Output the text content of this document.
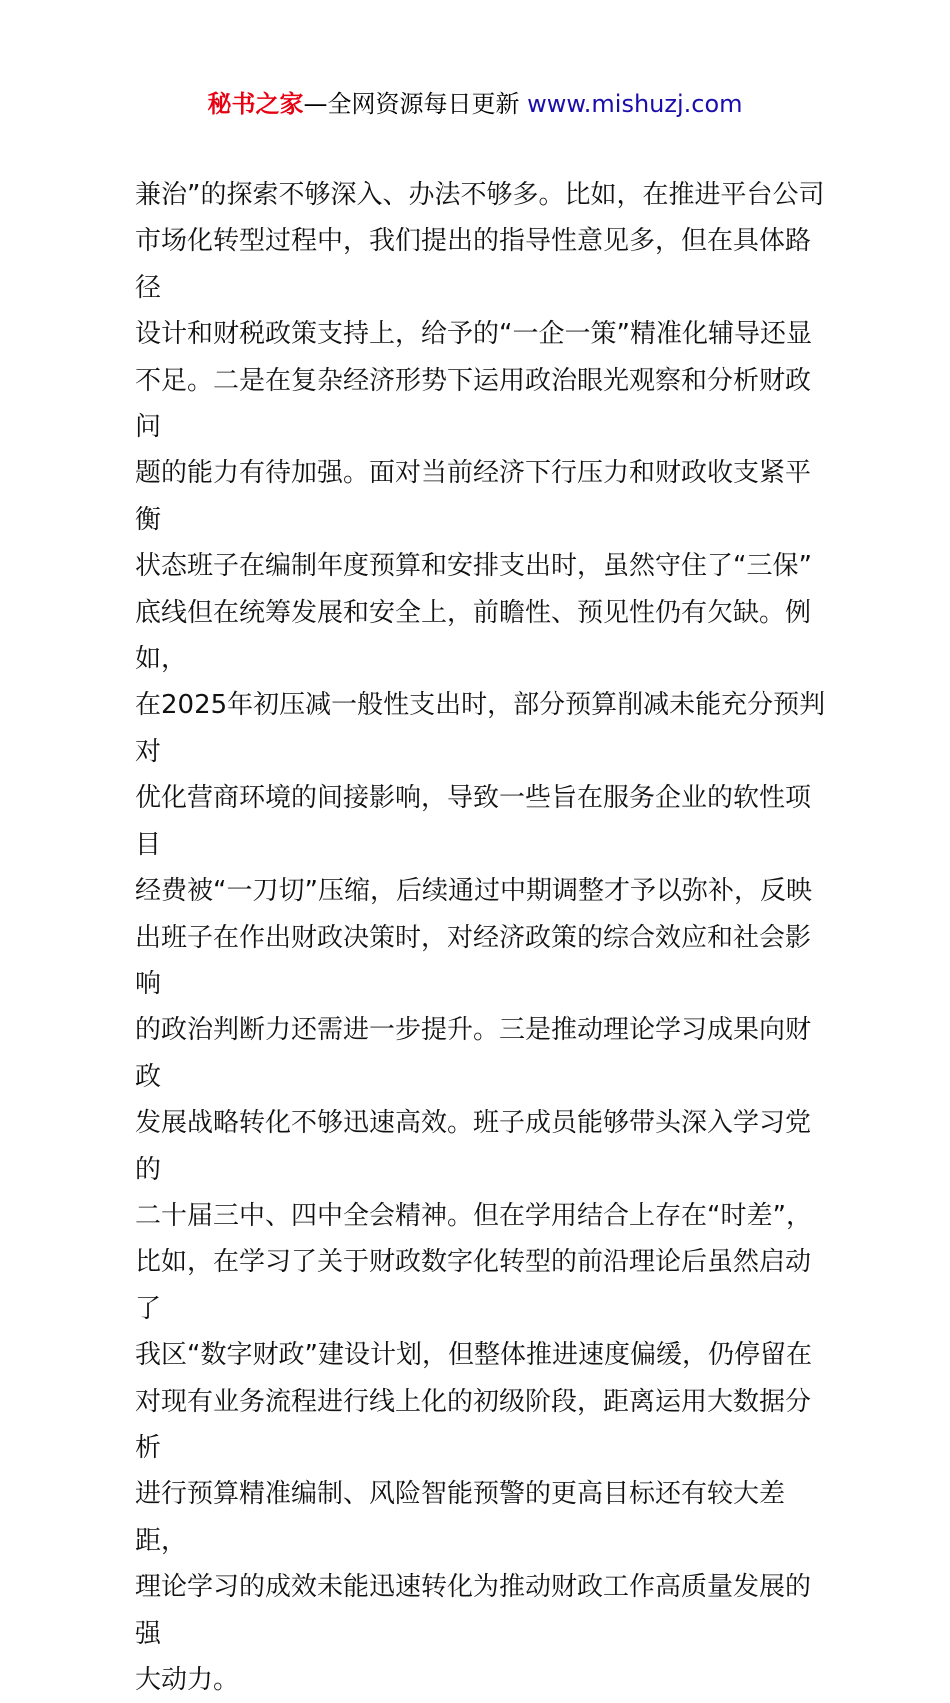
秘书之家—全网资源每日更新 www.mishuzj.com

兼治”的探索不够深入、办法不够多。比如，在推进平台公司
市场化转型过程中，我们提出的指导性意见多，但在具体路径
设计和财税政策支持上，给予的“一企一策”精准化辅导还显
不足。二是在复杂经济形势下运用政治眼光观察和分析财政问
题的能力有待加强。面对当前经济下行压力和财政收支紧平衡
状态班子在编制年度预算和安排支出时，虽然守住了“三保”
底线但在统筹发展和安全上，前瞻性、预见性仍有欠缺。例如，
在2025年初压减一般性支出时，部分预算削减未能充分预判对
优化营商环境的间接影响，导致一些旨在服务企业的软性项目
经费被“一刀切”压缩，后续通过中期调整才予以弥补，反映
出班子在作出财政决策时，对经济政策的综合效应和社会影响
的政治判断力还需进一步提升。三是推动理论学习成果向财政
发展战略转化不够迅速高效。班子成员能够带头深入学习党的
二十届三中、四中全会精神。但在学用结合上存在“时差”，
比如，在学习了关于财政数字化转型的前沿理论后虽然启动了
我区“数字财政”建设计划，但整体推进速度偏缓，仍停留在
对现有业务流程进行线上化的初级阶段，距离运用大数据分析
进行预算精准编制、风险智能预警的更高目标还有较大差距，
理论学习的成效未能迅速转化为推动财政工作高质量发展的强
大动力。
